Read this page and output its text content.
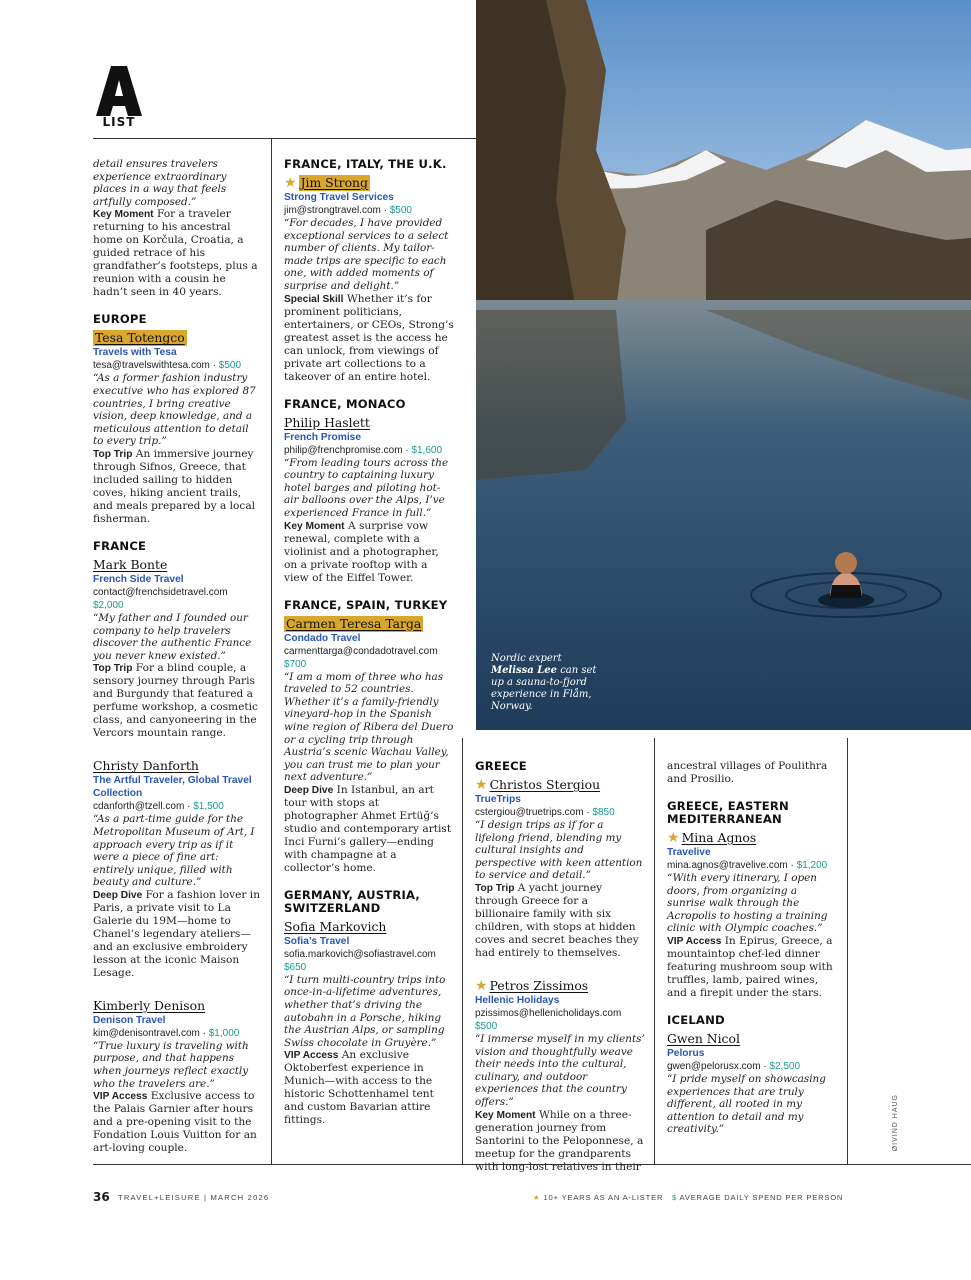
LIST
Nordic expert
Melissa Lee can set up a sauna-to-fjord experience in Flåm, Norway.

detail ensures travelers experience extraordinary places in a way that feels artfully composed.”

Key Moment For a traveler returning to his ancestral home on Korčula, Croatia, a guided retrace of his grandfather’s footsteps, plus a reunion with a cousin he hadn’t seen in 40 years.

EUROPE
Tesa Totengco
Travels with Tesa
tesa@travelswithtesa.com · $500

“As a former fashion industry executive who has explored 87 countries, I bring creative vision, deep knowledge, and a meticulous attention to detail to every trip.”

Top Trip An immersive journey through Sifnos, Greece, that included sailing to hidden coves, hiking ancient trails, and meals prepared by a local fisherman.

FRANCE
Mark Bonte
French Side Travel
contact@frenchsidetravel.com
$2,000

“My father and I founded our company to help travelers discover the authentic France you never knew existed.”

Top Trip For a blind couple, a sensory journey through Paris and Burgundy that featured a perfume workshop, a cosmetic class, and canyoneering in the Vercors mountain range.

Christy Danforth
The Artful Traveler, Global Travel Collection
cdanforth@tzell.com · $1,500

“As a part-time guide for the Metropolitan Museum of Art, I approach every trip as if it were a piece of fine art: entirely unique, filled with beauty and culture.”

Deep Dive For a fashion lover in Paris, a private visit to La Galerie du 19M—home to Chanel’s legendary ateliers—and an exclusive embroidery lesson at the iconic Maison Lesage.

Kimberly Denison
Denison Travel
kim@denisontravel.com · $1,000

“True luxury is traveling with purpose, and that happens when journeys reflect exactly who the travelers are.”

VIP Access Exclusive access to the Palais Garnier after hours and a pre-opening visit to the Fondation Louis Vuitton for an art-loving couple.

FRANCE, ITALY, THE U.K.
★ Jim Strong
Strong Travel Services
jim@strongtravel.com · $500

“For decades, I have provided exceptional services to a select number of clients. My tailor-made trips are specific to each one, with added moments of surprise and delight.”

Special Skill Whether it’s for prominent politicians, entertainers, or CEOs, Strong’s greatest asset is the access he can unlock, from viewings of private art collections to a takeover of an entire hotel.

FRANCE, MONACO
Philip Haslett
French Promise
philip@frenchpromise.com · $1,600

“From leading tours across the country to captaining luxury hotel barges and piloting hot-air balloons over the Alps, I’ve experienced France in full.”

Key Moment A surprise vow renewal, complete with a violinist and a photographer, on a private rooftop with a view of the Eiffel Tower.

FRANCE, SPAIN, TURKEY
Carmen Teresa Targa
Condado Travel
carmenttarga@condadotravel.com
$700

“I am a mom of three who has traveled to 52 countries. Whether it’s a family-friendly vineyard-hop in the Spanish wine region of Ribera del Duero or a cycling trip through Austria’s scenic Wachau Valley, you can trust me to plan your next adventure.”

Deep Dive In Istanbul, an art tour with stops at photographer Ahmet Ertüğ’s studio and contemporary artist Inci Furni’s gallery—ending with champagne at a collector’s home.

GERMANY, AUSTRIA, SWITZERLAND
Sofia Markovich
Sofia’s Travel
sofia.markovich@sofiastravel.com
$650

“I turn multi-country trips into once-in-a-lifetime adventures, whether that’s driving the autobahn in a Porsche, hiking the Austrian Alps, or sampling Swiss chocolate in Gruyère.”

VIP Access An exclusive Oktoberfest experience in Munich—with access to the historic Schottenhamel tent and custom Bavarian attire fittings.

GREECE
★ Christos Stergiou
TrueTrips
cstergiou@truetrips.com · $850

“I design trips as if for a lifelong friend, blending my cultural insights and perspective with keen attention to service and detail.”

Top Trip A yacht journey through Greece for a billionaire family with six children, with stops at hidden coves and secret beaches they had entirely to themselves.

★ Petros Zissimos
Hellenic Holidays
pzissimos@hellenicholidays.com
$500

“I immerse myself in my clients’ vision and thoughtfully weave their needs into the cultural, culinary, and outdoor experiences that the country offers.”

Key Moment While on a three-generation journey from Santorini to the Peloponnese, a meetup for the grandparents with long-lost relatives in their

ancestral villages of Poulithra and Prosilio.

GREECE, EASTERN MEDITERRANEAN
★ Mina Agnos
Travelive
mina.agnos@travelive.com · $1,200

“With every itinerary, I open doors, from organizing a sunrise walk through the Acropolis to hosting a training clinic with Olympic coaches.”

VIP Access In Epirus, Greece, a mountaintop chef-led dinner featuring mushroom soup with truffles, lamb, paired wines, and a firepit under the stars.

ICELAND
Gwen Nicol
Pelorus
gwen@pelorusx.com · $2,500

“I pride myself on showcasing experiences that are truly different, all rooted in my attention to detail and my creativity.”	ØIVIND HAUG
36 TRAVEL+LEISURE | MARCH 2026	★ 10+ YEARS AS AN A-LISTER $ AVERAGE DAILY SPEND PER PERSON
